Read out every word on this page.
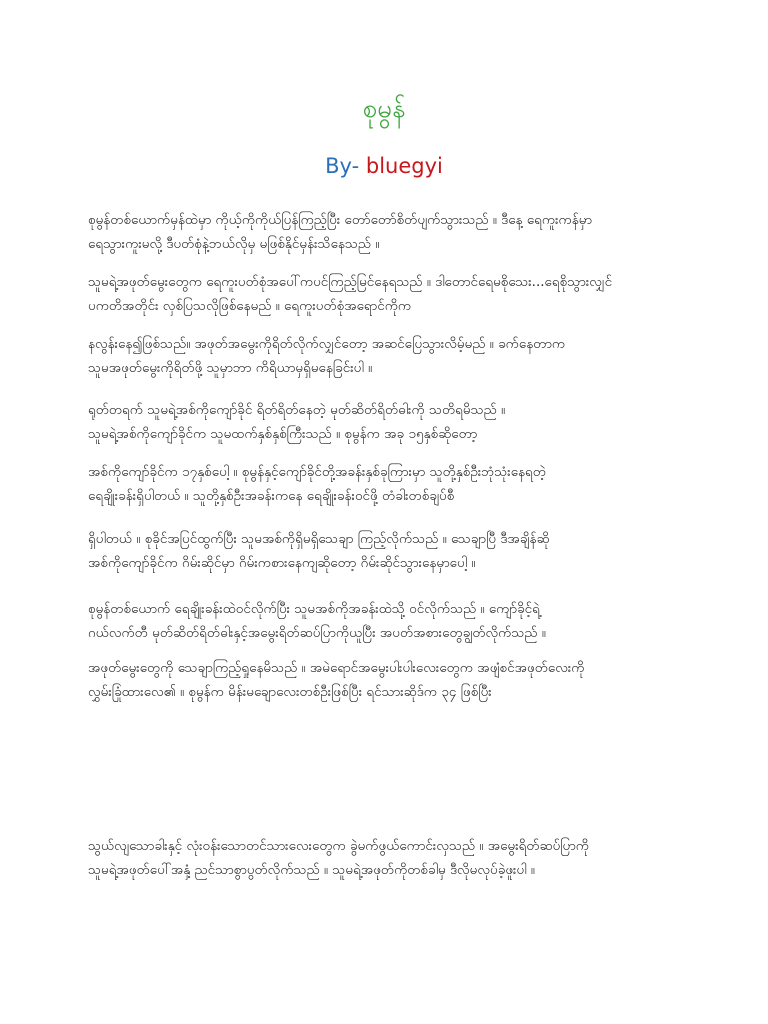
စုမွန်
By- bluegyi
စုမွန်တစ်ယောက်မှန်ထဲမှာ ကိုယ့်ကိုကိုယ်ပြန်ကြည့်ပြီး တော်တော်စိတ်ပျက်သွားသည် ။ ဒီနေ့ ရေကူးကန်မှာ
ရေသွားကူးမလို့ ဒီပတ်စုံနဲ့ဘယ်လိုမှ မဖြစ်နိုင်မှန်းသိနေသည် ။
သူမရဲ့အဖုတ်မွေးတွေက ရေကူးပတ်စုံအပေါ်ကပင်ကြည့်မြင်နေရသည် ။ ဒါတောင်ရေမစိုသေး...ရေစိုသွားလျှင်
ပကတိအတိုင်း လှစ်ပြသလိုဖြစ်နေမည် ။ ရေကူးပတ်စုံအရောင်ကိုက
နလွန်းနေ၍ဖြစ်သည်။ အဖုတ်အမွေးကိုရိတ်လိုက်လျှင်တော့ အဆင်ပြေသွားလိမ့်မည် ။ ခက်နေတာက
သူမအဖုတ်မွေးကိုရိတ်ဖို့ သူမှာဘာ ကိရိယာမှရှိမနေခြင်းပါ ။
ရုတ်တရက် သူမရဲ့အစ်ကိုကျော်ခိုင် ရိတ်ရိတ်နေတဲ့ မုတ်ဆိတ်ရိတ်ဓါးကို သတိရမိသည် ။
သူမရဲ့အစ်ကိုကျော်ခိုင်က သူမထက်နှစ်နှစ်ကြီးသည် ။ စုမွန်က အခု ၁၅နှစ်ဆိုတော့
အစ်ကိုကျော်ခိုင်က ၁၇နှစ်ပေါ့ ။ စုမွန်နှင့်ကျော်ခိုင်တို့အခန်းနှစ်ခုကြားမှာ သူတို့နှစ်ဦးဘုံသုံးနေရတဲ့
ရေချိုးခန်းရှိပါတယ် ။ သူတို့နှစ်ဦးအခန်းကနေ ရေချိုးခန်းဝင်ဖို့ တံခါးတစ်ချပ်စီ
ရှိပါတယ် ။ စုခိုင်အပြင်ထွက်ပြီး သူမအစ်ကိုရှိမရှိသေချာ ကြည့်လိုက်သည် ။ သေချာပြီ ဒီအချိန်ဆို
အစ်ကိုကျော်ခိုင်က ဂိမ်းဆိုင်မှာ ဂိမ်းကစားနေကျဆိုတော့ ဂိမ်းဆိုင်သွားနေမှာပေါ့ ။
စုမွန်တစ်ယောက် ရေချိုးခန်းထဲဝင်လိုက်ပြီး သူမအစ်ကိုအခန်းထဲသို့ ဝင်လိုက်သည် ။ ကျော်ခိုင့်ရဲ့
ဂယ်လက်တီ မုတ်ဆိတ်ရိတ်ဓါးနှင့်အမွေးရိတ်ဆပ်ပြာကိုယူပြီး အပတ်အစားတွေချွတ်လိုက်သည် ။
အဖုတ်မွေးတွေကို သေချာကြည့်ရှုနေမိသည် ။ အမဲရောင်အမွေးပါးပါးလေးတွေက အဖျံစင်အဖုတ်လေးကို
လွှမ်းခြုံထားလေ၏ ။ စုမွန်က မိန်းမချောလေးတစ်ဦးဖြစ်ပြီး ရင်သားဆိုဒ်က ၃၄ ဖြစ်ပြီး
သွယ်လျသောခါးနှင့် လုံးဝန်းသောတင်သားလေးတွေက ခွဲမက်ဖွယ်ကောင်းလှသည် ။ အမွေးရိတ်ဆပ်ပြာကို
သူမရဲ့အဖုတ်ပေါ်အနှံ့ ညင်သာစွာပွတ်လိုက်သည် ။ သူမရဲ့အဖုတ်ကိုတစ်ခါမှ ဒီလိုမလုပ်ခဲ့ဖူးပါ ။
